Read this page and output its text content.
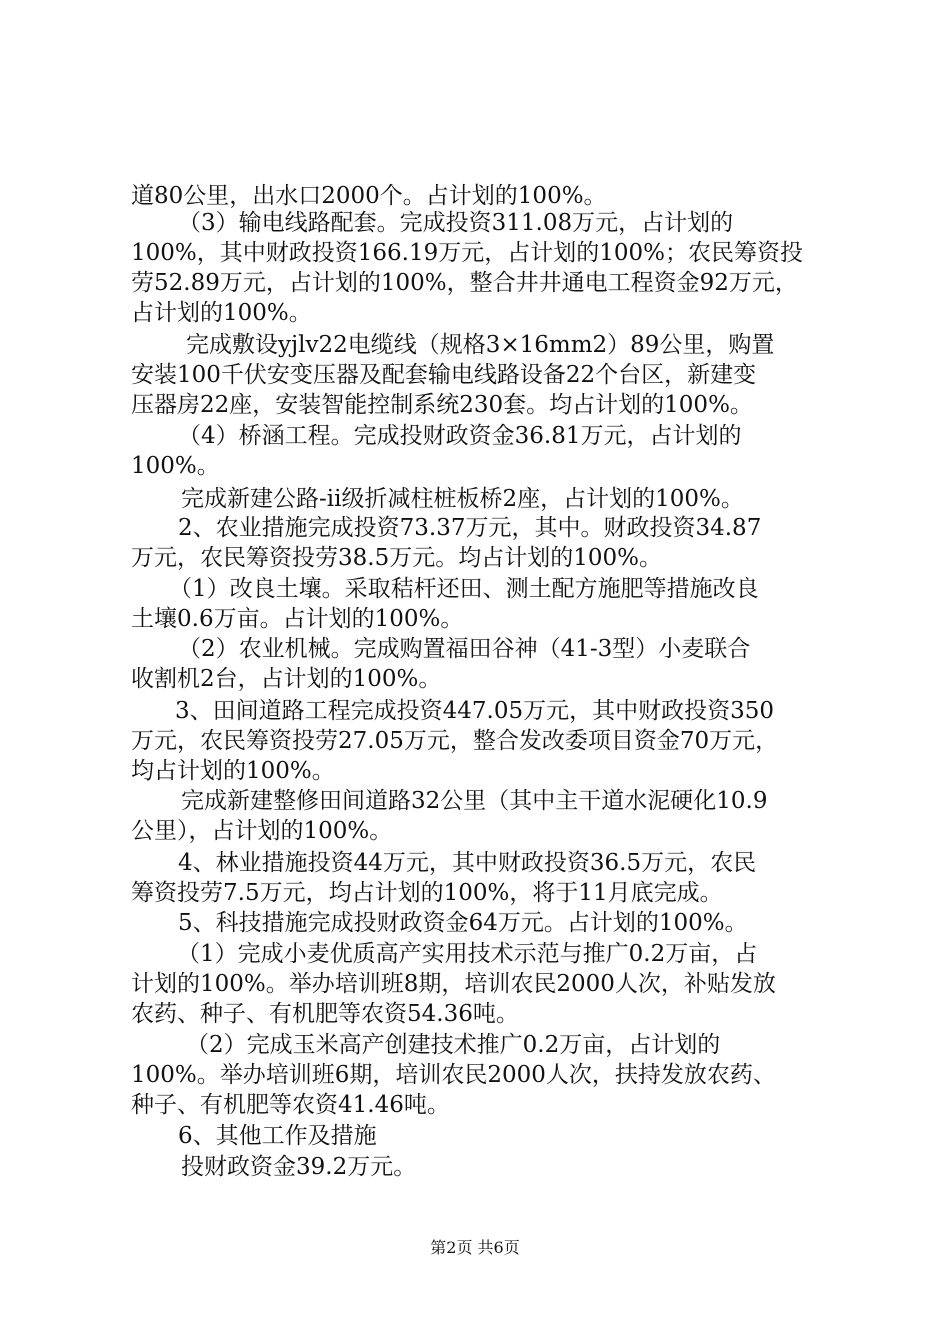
道80公里，出水口2000个。占计划的100%。
（3）输电线路配套。完成投资311.08万元，占计划的
100%，其中财政投资166.19万元，占计划的100%；农民筹资投
劳52.89万元，占计划的100%，整合井井通电工程资金92万元，
占计划的100%。
完成敷设yjlv22电缆线（规格3×16mm2）89公里，购置
安装100千伏安变压器及配套输电线路设备22个台区，新建变
压器房22座，安装智能控制系统230套。均占计划的100%。
（4）桥涵工程。完成投财政资金36.81万元，占计划的
100%。
完成新建公路-ii级折减柱桩板桥2座，占计划的100%。
2、农业措施完成投资73.37万元，其中。财政投资34.87
万元，农民筹资投劳38.5万元。均占计划的100%。
（1）改良土壤。采取秸杆还田、测土配方施肥等措施改良
土壤0.6万亩。占计划的100%。
（2）农业机械。完成购置福田谷神（41-3型）小麦联合
收割机2台，占计划的100%。
3、田间道路工程完成投资447.05万元，其中财政投资350
万元，农民筹资投劳27.05万元，整合发改委项目资金70万元，
均占计划的100%。
完成新建整修田间道路32公里（其中主干道水泥硬化10.9
公里），占计划的100%。
4、林业措施投资44万元，其中财政投资36.5万元，农民
筹资投劳7.5万元，均占计划的100%，将于11月底完成。
5、科技措施完成投财政资金64万元。占计划的100%。
（1）完成小麦优质高产实用技术示范与推广0.2万亩，占
计划的100%。举办培训班8期，培训农民2000人次，补贴发放
农药、种子、有机肥等农资54.36吨。
（2）完成玉米高产创建技术推广0.2万亩，占计划的
100%。举办培训班6期，培训农民2000人次，扶持发放农药、
种子、有机肥等农资41.46吨。
6、其他工作及措施
投财政资金39.2万元。
第2页 共6页
